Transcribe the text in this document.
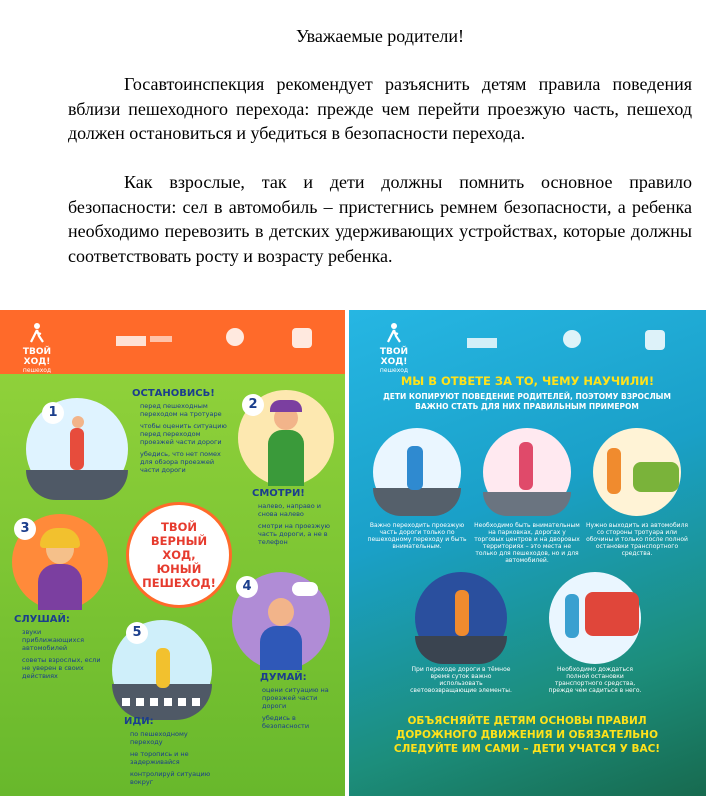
Уважаемые родители!

Госавтоинспекция рекомендует разъяснить детям правила поведения вблизи пешеходного перехода: прежде чем перейти проезжую часть, пешеход должен остановиться и убедиться в безопасности перехода.

Как взрослые, так и дети должны помнить основное правило безопасности: сел в автомобиль – пристегнись ремнем безопасности, а ребенка необходимо перевозить в детских удерживающих устройствах, которые должны соответствовать росту и возрасту ребенка.

ТВОЙ ХОД!
пешеход
1
ОСТАНОВИСЬ!
перед пешеходным переходом на тротуаре
чтобы оценить ситуацию перед переходом проезжей части дороги
убедись, что нет помех для обзора проезжей части дороги
2
СМОТРИ!
налево, направо и снова налево
смотри на проезжую часть дороги, а не в телефон
ТВОЙ ВЕРНЫЙ ХОД, ЮНЫЙ ПЕШЕХОД!
3
СЛУШАЙ:
звуки приближающихся автомобилей
советы взрослых, если не уверен в своих действиях
4
ДУМАЙ:
оцени ситуацию на проезжей части дороги
убедись в безопасности
5
ИДИ:
по пешеходному переходу
не торопись и не задерживайся
контролируй ситуацию вокруг
ТВОЙ ХОД!
пешеход
МЫ В ОТВЕТЕ ЗА ТО, ЧЕМУ НАУЧИЛИ!
ДЕТИ КОПИРУЮТ ПОВЕДЕНИЕ РОДИТЕЛЕЙ, ПОЭТОМУ ВЗРОСЛЫМ ВАЖНО СТАТЬ ДЛЯ НИХ ПРАВИЛЬНЫМ ПРИМЕРОМ
Важно переходить проезжую часть дороги только по пешеходному переходу и быть внимательным.
Необходимо быть внимательным на парковках, дорогах у торговых центров и на дворовых территориях – это места не только для пешеходов, но и для автомобилей.
Нужно выходить из автомобиля со стороны тротуара или обочины и только после полной остановки транспортного средства.
При переходе дороги в тёмное время суток важно использовать световозвращающие элементы.
Необходимо дождаться полной остановки транспортного средства, прежде чем садиться в него.
ОБЪЯСНЯЙТЕ ДЕТЯМ ОСНОВЫ ПРАВИЛ ДОРОЖНОГО ДВИЖЕНИЯ И ОБЯЗАТЕЛЬНО СЛЕДУЙТЕ ИМ САМИ – ДЕТИ УЧАТСЯ У ВАС!
